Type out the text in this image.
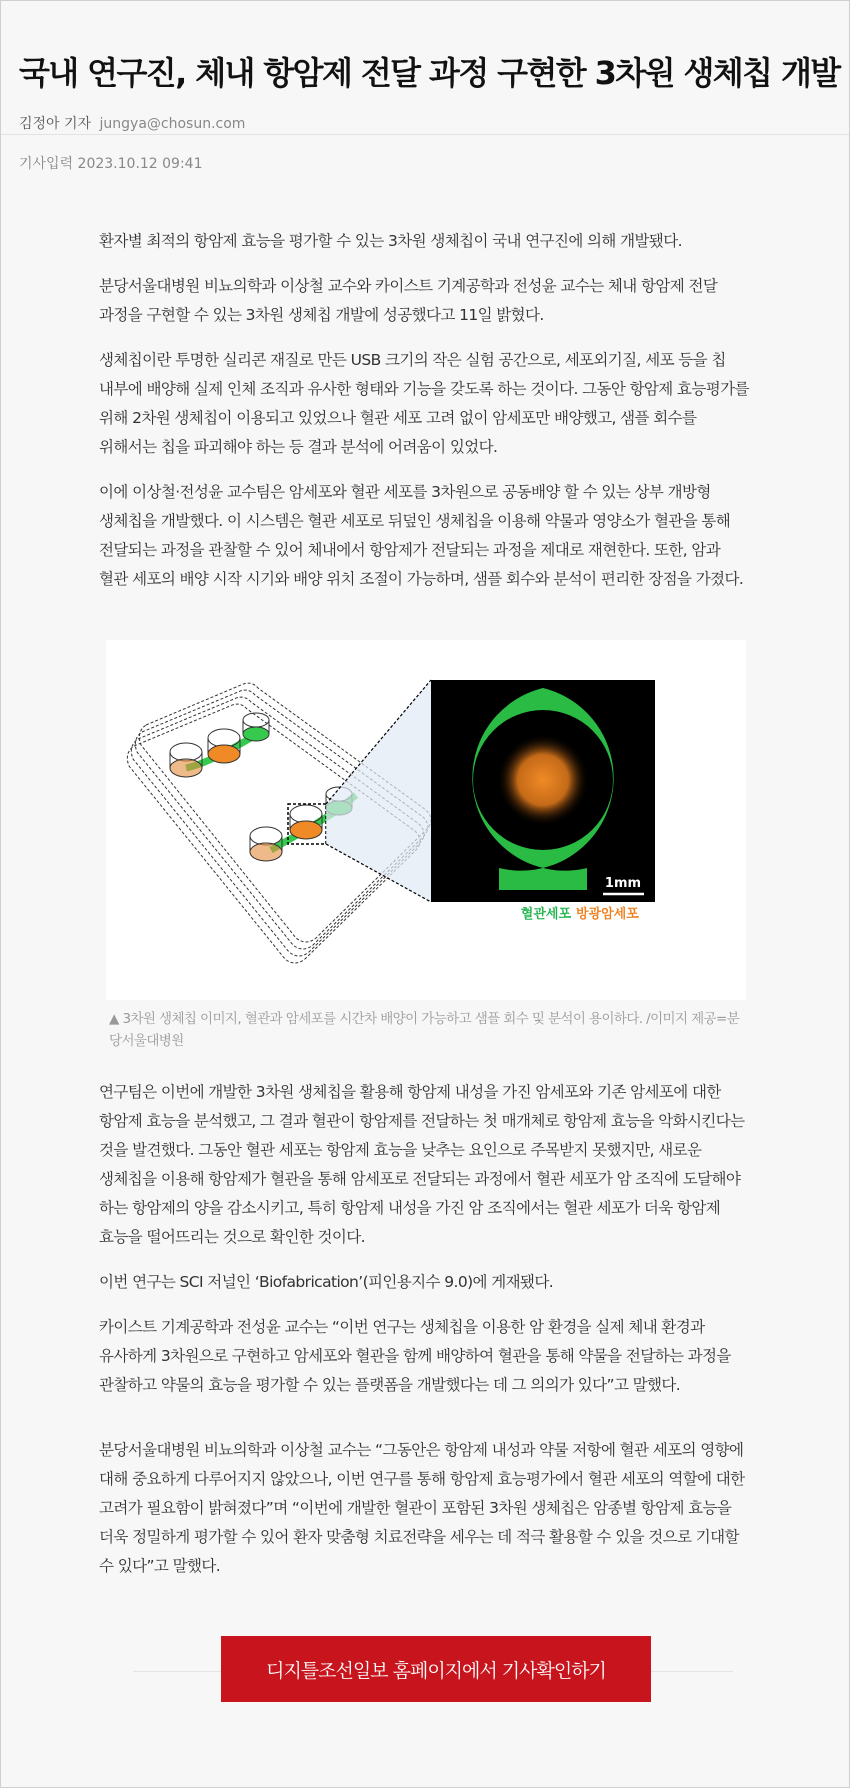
국내 연구진, 체내 항암제 전달 과정 구현한 3차원 생체칩 개발
김정아 기자 jungya@chosun.com
기사입력 2023.10.12 09:41

환자별 최적의 항암제 효능을 평가할 수 있는 3차원 생체칩이 국내 연구진에 의해 개발됐다.

분당서울대병원 비뇨의학과 이상철 교수와 카이스트 기계공학과 전성윤 교수는 체내 항암제 전달 과정을 구현할 수 있는 3차원 생체칩 개발에 성공했다고 11일 밝혔다.

생체칩이란 투명한 실리콘 재질로 만든 USB 크기의 작은 실험 공간으로, 세포외기질, 세포 등을 칩 내부에 배양해 실제 인체 조직과 유사한 형태와 기능을 갖도록 하는 것이다. 그동안 항암제 효능평가를 위해 2차원 생체칩이 이용되고 있었으나 혈관 세포 고려 없이 암세포만 배양했고, 샘플 회수를 위해서는 칩을 파괴해야 하는 등 결과 분석에 어려움이 있었다.

이에 이상철·전성윤 교수팀은 암세포와 혈관 세포를 3차원으로 공동배양 할 수 있는 상부 개방형 생체칩을 개발했다. 이 시스템은 혈관 세포로 뒤덮인 생체칩을 이용해 약물과 영양소가 혈관을 통해 전달되는 과정을 관찰할 수 있어 체내에서 항암제가 전달되는 과정을 제대로 재현한다. 또한, 암과 혈관 세포의 배양 시작 시기와 배양 위치 조절이 가능하며, 샘플 회수와 분석이 편리한 장점을 가졌다.

1mm
혈관세포 방광암세포
▲ 3차원 생체칩 이미지, 혈관과 암세포를 시간차 배양이 가능하고 샘플 회수 및 분석이 용이하다. /이미지 제공=분당서울대병원

연구팀은 이번에 개발한 3차원 생체칩을 활용해 항암제 내성을 가진 암세포와 기존 암세포에 대한 항암제 효능을 분석했고, 그 결과 혈관이 항암제를 전달하는 첫 매개체로 항암제 효능을 악화시킨다는 것을 발견했다. 그동안 혈관 세포는 항암제 효능을 낮추는 요인으로 주목받지 못했지만, 새로운 생체칩을 이용해 항암제가 혈관을 통해 암세포로 전달되는 과정에서 혈관 세포가 암 조직에 도달해야 하는 항암제의 양을 감소시키고, 특히 항암제 내성을 가진 암 조직에서는 혈관 세포가 더욱 항암제 효능을 떨어뜨리는 것으로 확인한 것이다.

이번 연구는 SCI 저널인 ‘Biofabrication’(피인용지수 9.0)에 게재됐다.

카이스트 기계공학과 전성윤 교수는 “이번 연구는 생체칩을 이용한 암 환경을 실제 체내 환경과 유사하게 3차원으로 구현하고 암세포와 혈관을 함께 배양하여 혈관을 통해 약물을 전달하는 과정을 관찰하고 약물의 효능을 평가할 수 있는 플랫폼을 개발했다는 데 그 의의가 있다”고 말했다.

분당서울대병원 비뇨의학과 이상철 교수는 “그동안은 항암제 내성과 약물 저항에 혈관 세포의 영향에 대해 중요하게 다루어지지 않았으나, 이번 연구를 통해 항암제 효능평가에서 혈관 세포의 역할에 대한 고려가 필요함이 밝혀졌다”며 “이번에 개발한 혈관이 포함된 3차원 생체칩은 암종별 항암제 효능을 더욱 정밀하게 평가할 수 있어 환자 맞춤형 치료전략을 세우는 데 적극 활용할 수 있을 것으로 기대할 수 있다”고 말했다.

디지틀조선일보 홈페이지에서 기사확인하기
